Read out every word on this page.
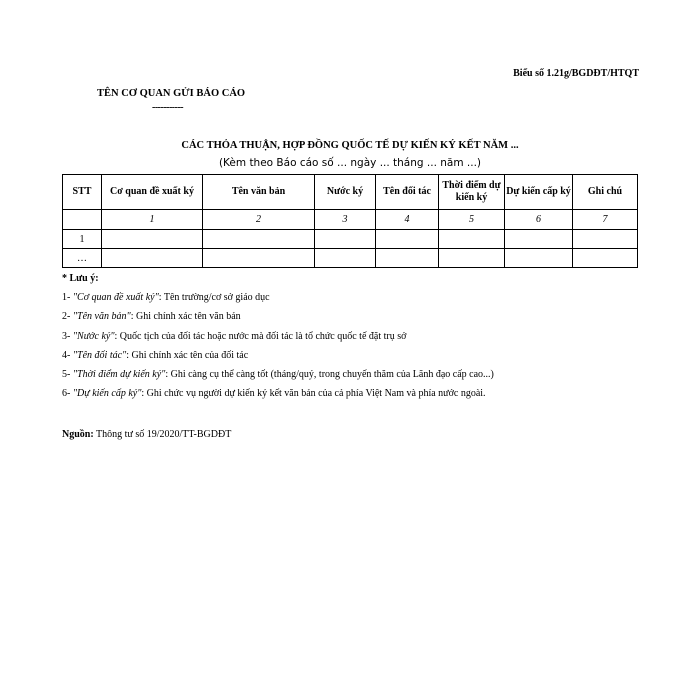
Biểu số 1.21g/BGDĐT/HTQT
TÊN CƠ QUAN GỬI BÁO CÁO
-----------
CÁC THỎA THUẬN, HỢP ĐỒNG QUỐC TẾ DỰ KIẾN KÝ KẾT NĂM ...
(Kèm theo Báo cáo số ... ngày ... tháng ... năm ...)
STT	Cơ quan đề xuất ký	Tên văn bản	Nước ký	Tên đối tác	Thời điểm dự kiến ký	Dự kiến cấp ký	Ghi chú
	1	2	3	4	5	6	7
1							
…							
* Lưu ý:
1- "Cơ quan đề xuất ký": Tên trường/cơ sở giáo dục
2- "Tên văn bản": Ghi chính xác tên văn bản
3- "Nước ký": Quốc tịch của đối tác hoặc nước mà đối tác là tổ chức quốc tế đặt trụ sở
4- "Tên đối tác": Ghi chính xác tên của đối tác
5- "Thời điểm dự kiến ký": Ghi càng cụ thể càng tốt (tháng/quý, trong chuyến thăm của Lãnh đạo cấp cao...)
6- "Dự kiến cấp ký": Ghi chức vụ người dự kiến ký kết văn bản của cả phía Việt Nam và phía nước ngoài.
Nguồn: Thông tư số 19/2020/TT-BGDĐT
